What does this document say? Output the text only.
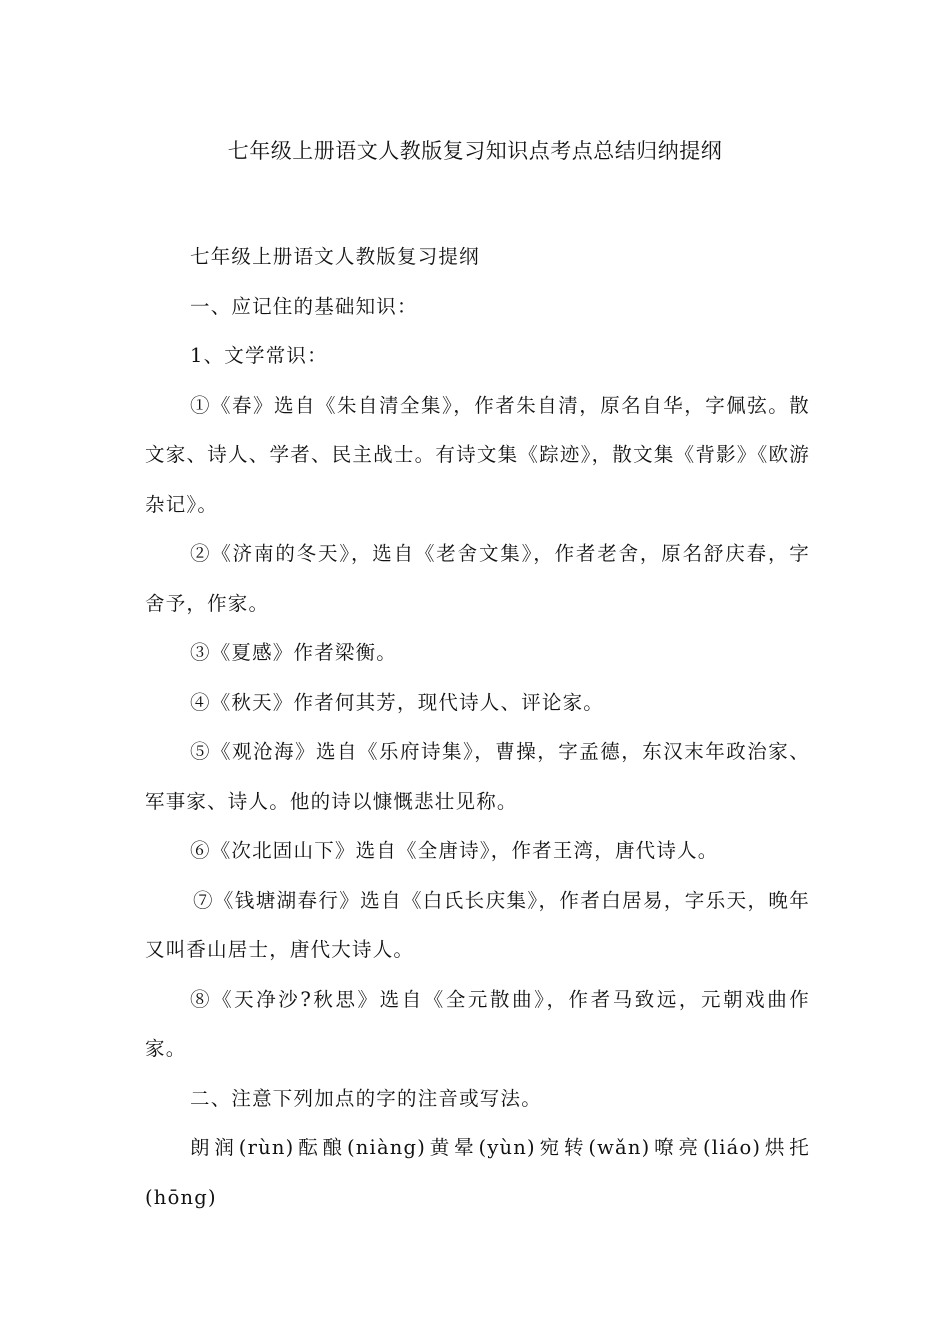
七年级上册语文人教版复习知识点考点总结归纳提纲

七年级上册语文人教版复习提纲

一、应记住的基础知识：

1、文学常识：

①《春》选自《朱自清全集》，作者朱自清，原名自华，字佩弦。散文家、诗人、学者、民主战士。有诗文集《踪迹》，散文集《背影》《欧游杂记》。

②《济南的冬天》，选自《老舍文集》，作者老舍，原名舒庆春，字舍予，作家。

③《夏感》作者梁衡。

④《秋天》作者何其芳，现代诗人、评论家。

⑤《观沧海》选自《乐府诗集》，曹操，字孟德，东汉末年政治家、军事家、诗人。他的诗以慷慨悲壮见称。

⑥《次北固山下》选自《全唐诗》，作者王湾，唐代诗人。

⑦《钱塘湖春行》选自《白氏长庆集》，作者白居易，字乐天，晚年又叫香山居士，唐代大诗人。

⑧《天净沙?秋思》选自《全元散曲》，作者马致远，元朝戏曲作家。

二、注意下列加点的字的注音或写法。

朗润(rùn)酝酿(niàng)黄晕(yùn)宛转(wǎn)嘹亮(liáo)烘托(hōng)
